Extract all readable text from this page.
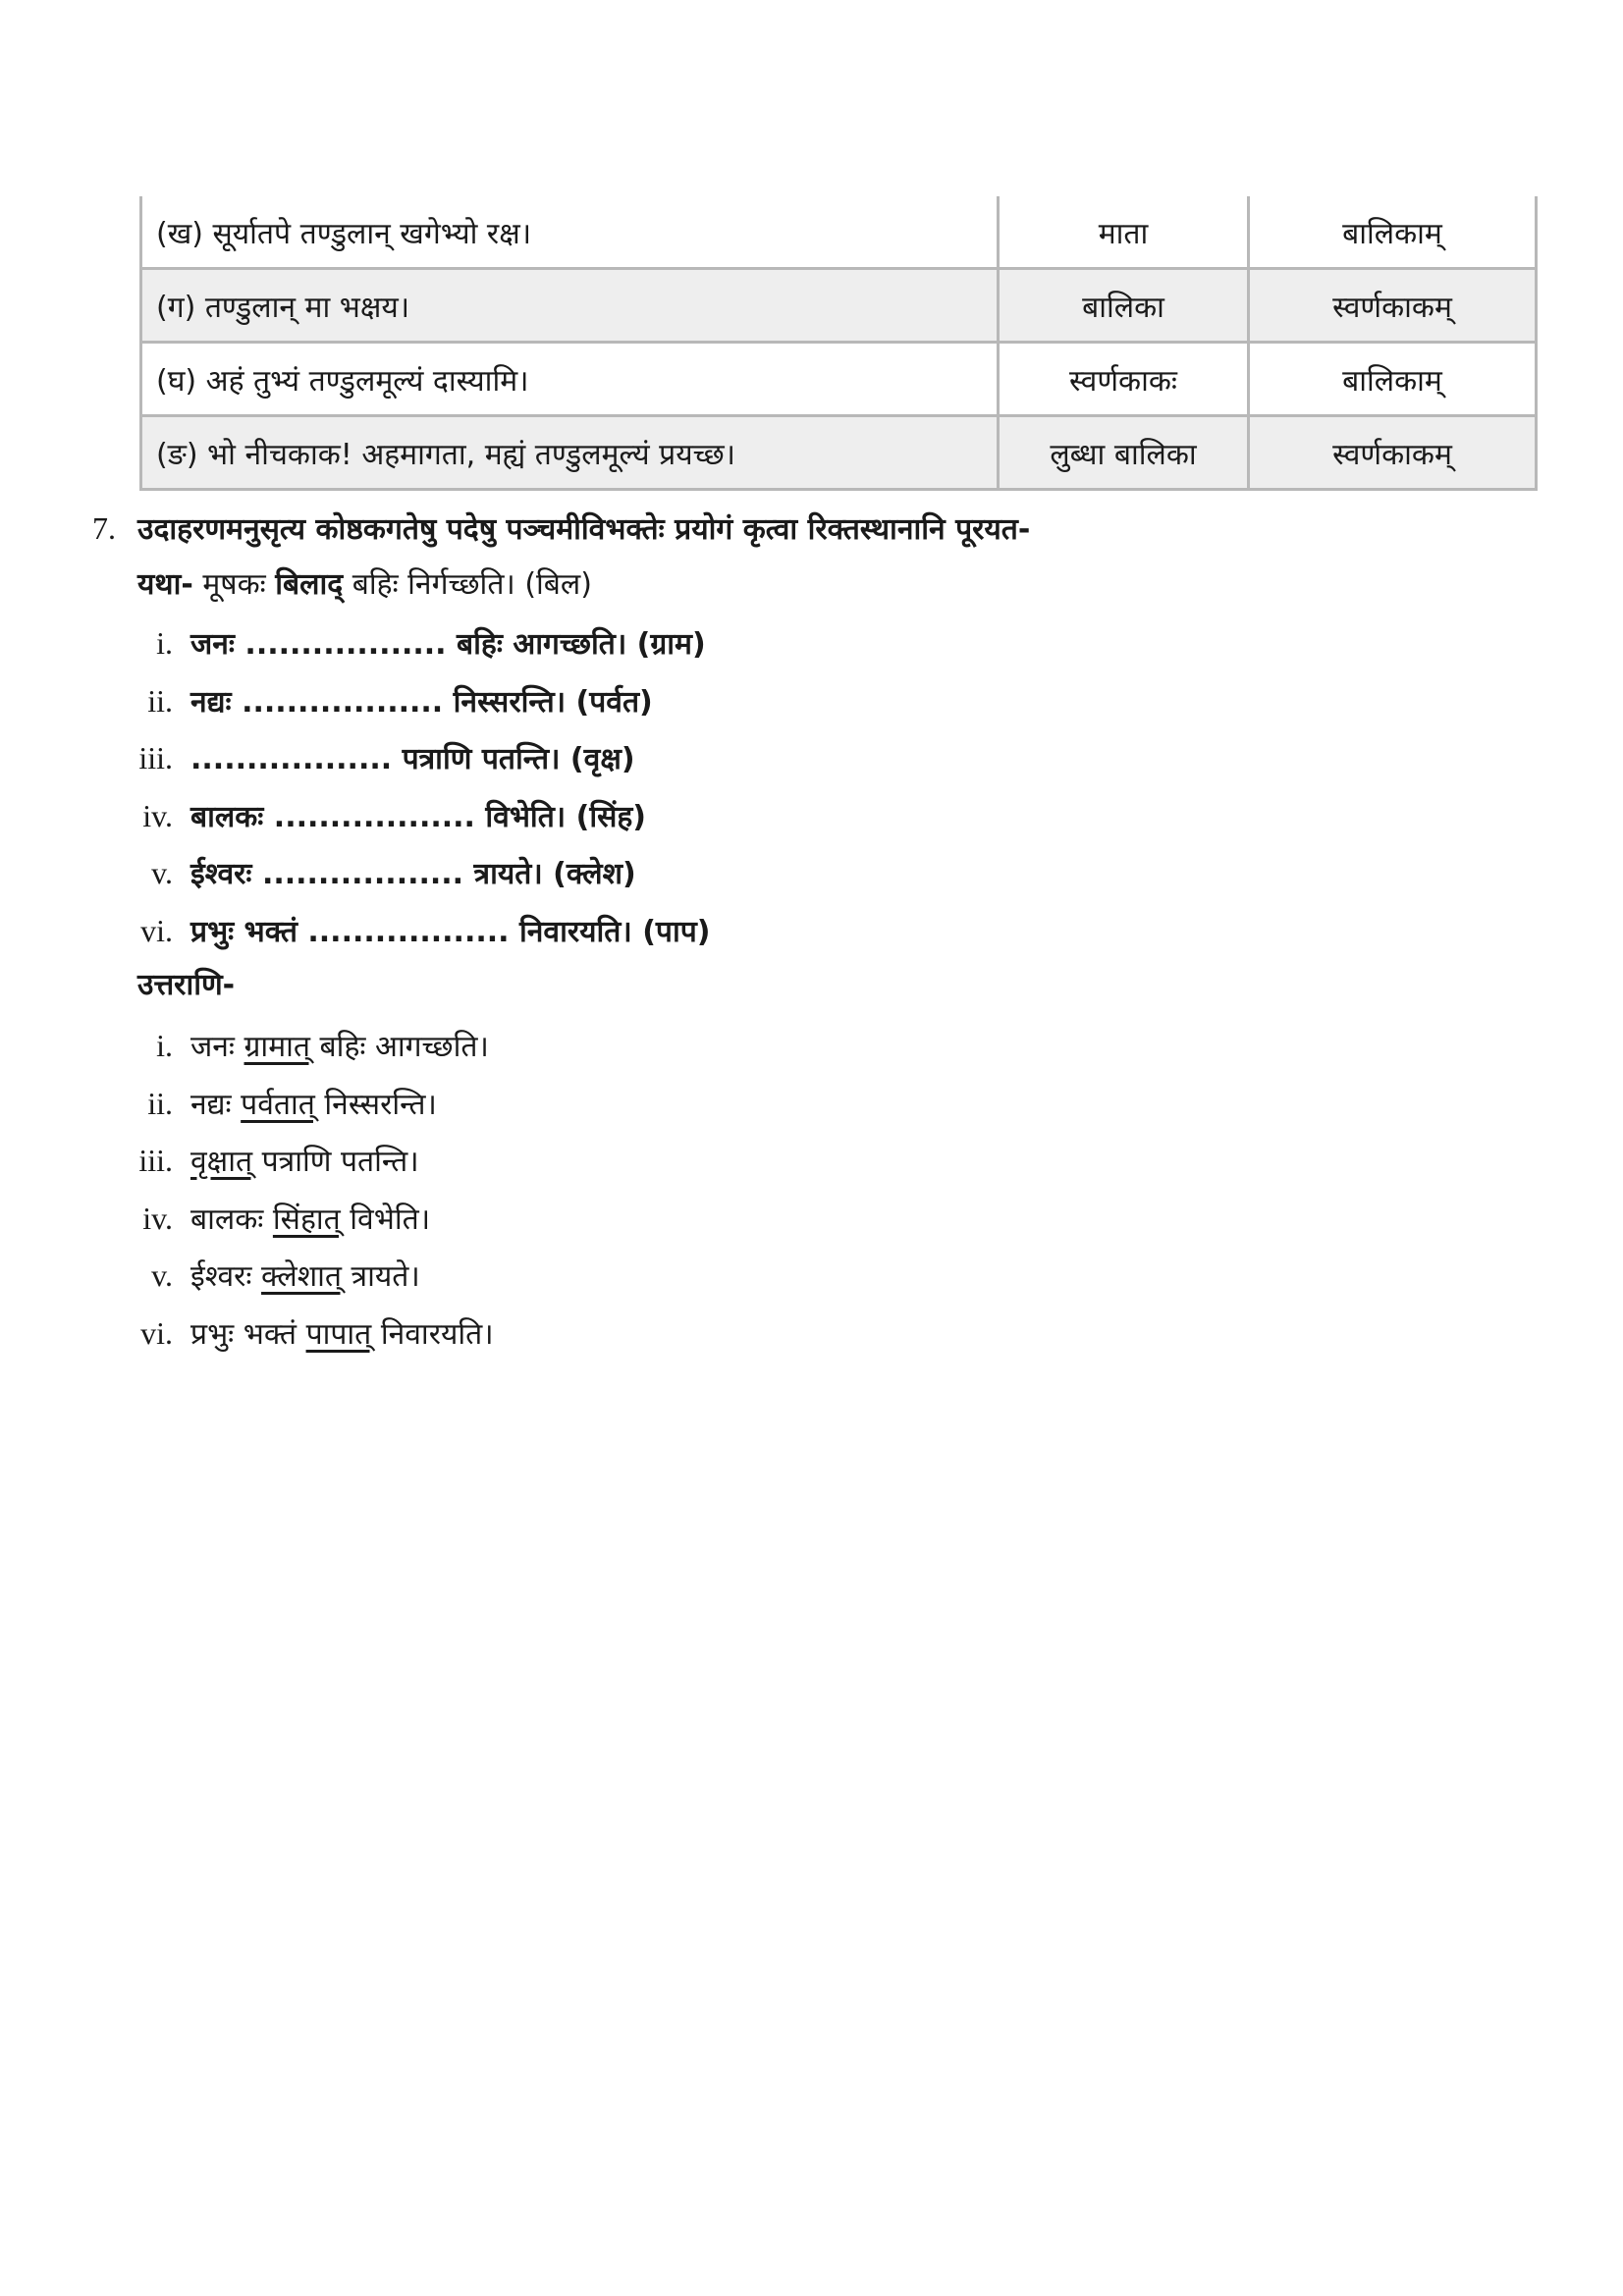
(ख) सूर्यातपे तण्डुलान् खगेभ्यो रक्ष।	माता	बालिकाम्
(ग) तण्डुलान् मा भक्षय।	बालिका	स्वर्णकाकम्
(घ) अहं तुभ्यं तण्डुलमूल्यं दास्यामि।	स्वर्णकाकः	बालिकाम्
(ङ) भो नीचकाक! अहमागता, मह्यं तण्डुलमूल्यं प्रयच्छ।	लुब्धा बालिका	स्वर्णकाकम्
7. उदाहरणमनुसृत्य कोष्ठकगतेषु पदेषु पञ्चमीविभक्तेः प्रयोगं कृत्वा रिक्तस्थानानि पूरयत-
यथा- मूषकः बिलाद् बहिः निर्गच्छति। (बिल)
i. जनः .................. बहिः आगच्छति। (ग्राम)
ii. नद्यः .................. निस्सरन्ति। (पर्वत)
iii. .................. पत्राणि पतन्ति। (वृक्ष)
iv. बालकः .................. विभेति। (सिंह)
v. ईश्वरः .................. त्रायते। (क्लेश)
vi. प्रभुः भक्तं .................. निवारयति। (पाप)
उत्तराणि-
i. जनः ग्रामात् बहिः आगच्छति।
ii. नद्यः पर्वतात् निस्सरन्ति।
iii. वृक्षात् पत्राणि पतन्ति।
iv. बालकः सिंहात् विभेति।
v. ईश्वरः क्लेशात् त्रायते।
vi. प्रभुः भक्तं पापात् निवारयति।
